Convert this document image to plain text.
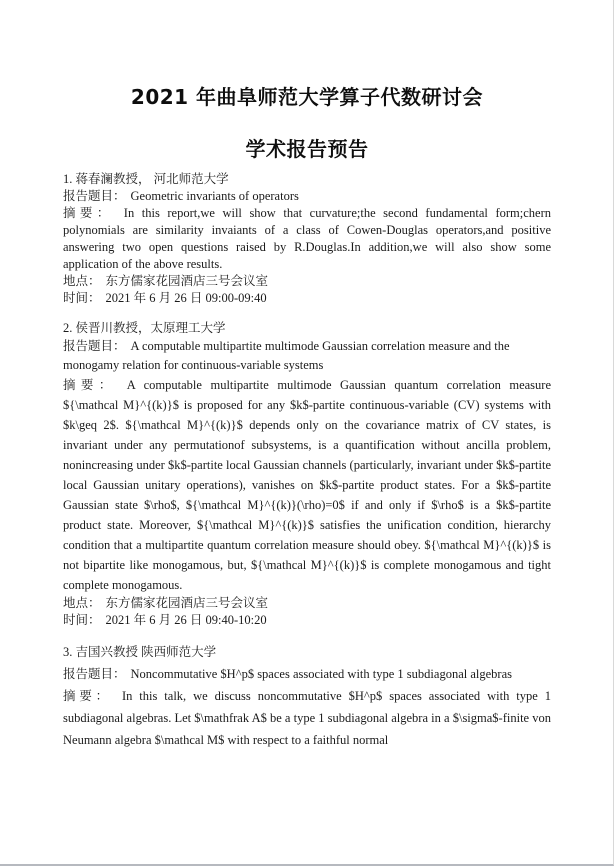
2021 年曲阜师范大学算子代数研讨会
学术报告预告

1. 蒋春澜教授， 河北师范大学

报告题目： Geometric invariants of operators

摘要： In this report,we will show that curvature;the second fundamental form;chern polynomials are similarity invaiants of a class of Cowen-Douglas operators,and positive answering two open questions raised by R.Douglas.In addition,we will also show some application of the above results.

地点： 东方儒家花园酒店三号会议室

时间： 2021 年 6 月 26 日 09:00-09:40

2. 侯晋川教授，太原理工大学

报告题目： A computable multipartite multimode Gaussian correlation measure and the monogamy relation for continuous-variable systems

摘要： A computable multipartite multimode Gaussian quantum correlation measure ${\mathcal M}^{(k)}$ is proposed for any $k$-partite continuous-variable (CV) systems with $k\geq 2$. ${\mathcal M}^{(k)}$ depends only on the covariance matrix of CV states, is invariant under any permutationof subsystems, is a quantification without ancilla problem, nonincreasing under $k$-partite local Gaussian channels (particularly, invariant under $k$-partite local Gaussian unitary operations), vanishes on $k$-partite product states. For a $k$-partite Gaussian state $\rho$, ${\mathcal M}^{(k)}(\rho)=0$ if and only if $\rho$ is a $k$-partite product state. Moreover, ${\mathcal M}^{(k)}$ satisfies the unification condition, hierarchy condition that a multipartite quantum correlation measure should obey. ${\mathcal M}^{(k)}$ is not bipartite like monogamous, but, ${\mathcal M}^{(k)}$ is complete monogamous and tight complete monogamous.

地点： 东方儒家花园酒店三号会议室

时间： 2021 年 6 月 26 日 09:40-10:20

3. 吉国兴教授 陕西师范大学

报告题目： Noncommutative $H^p$ spaces associated with type 1 subdiagonal algebras

摘要： In this talk, we discuss noncommutative $H^p$ spaces associated with type 1 subdiagonal algebras. Let $\mathfrak A$ be a type 1 subdiagonal algebra in a $\sigma$-finite von Neumann algebra $\mathcal M$ with respect to a faithful normal
